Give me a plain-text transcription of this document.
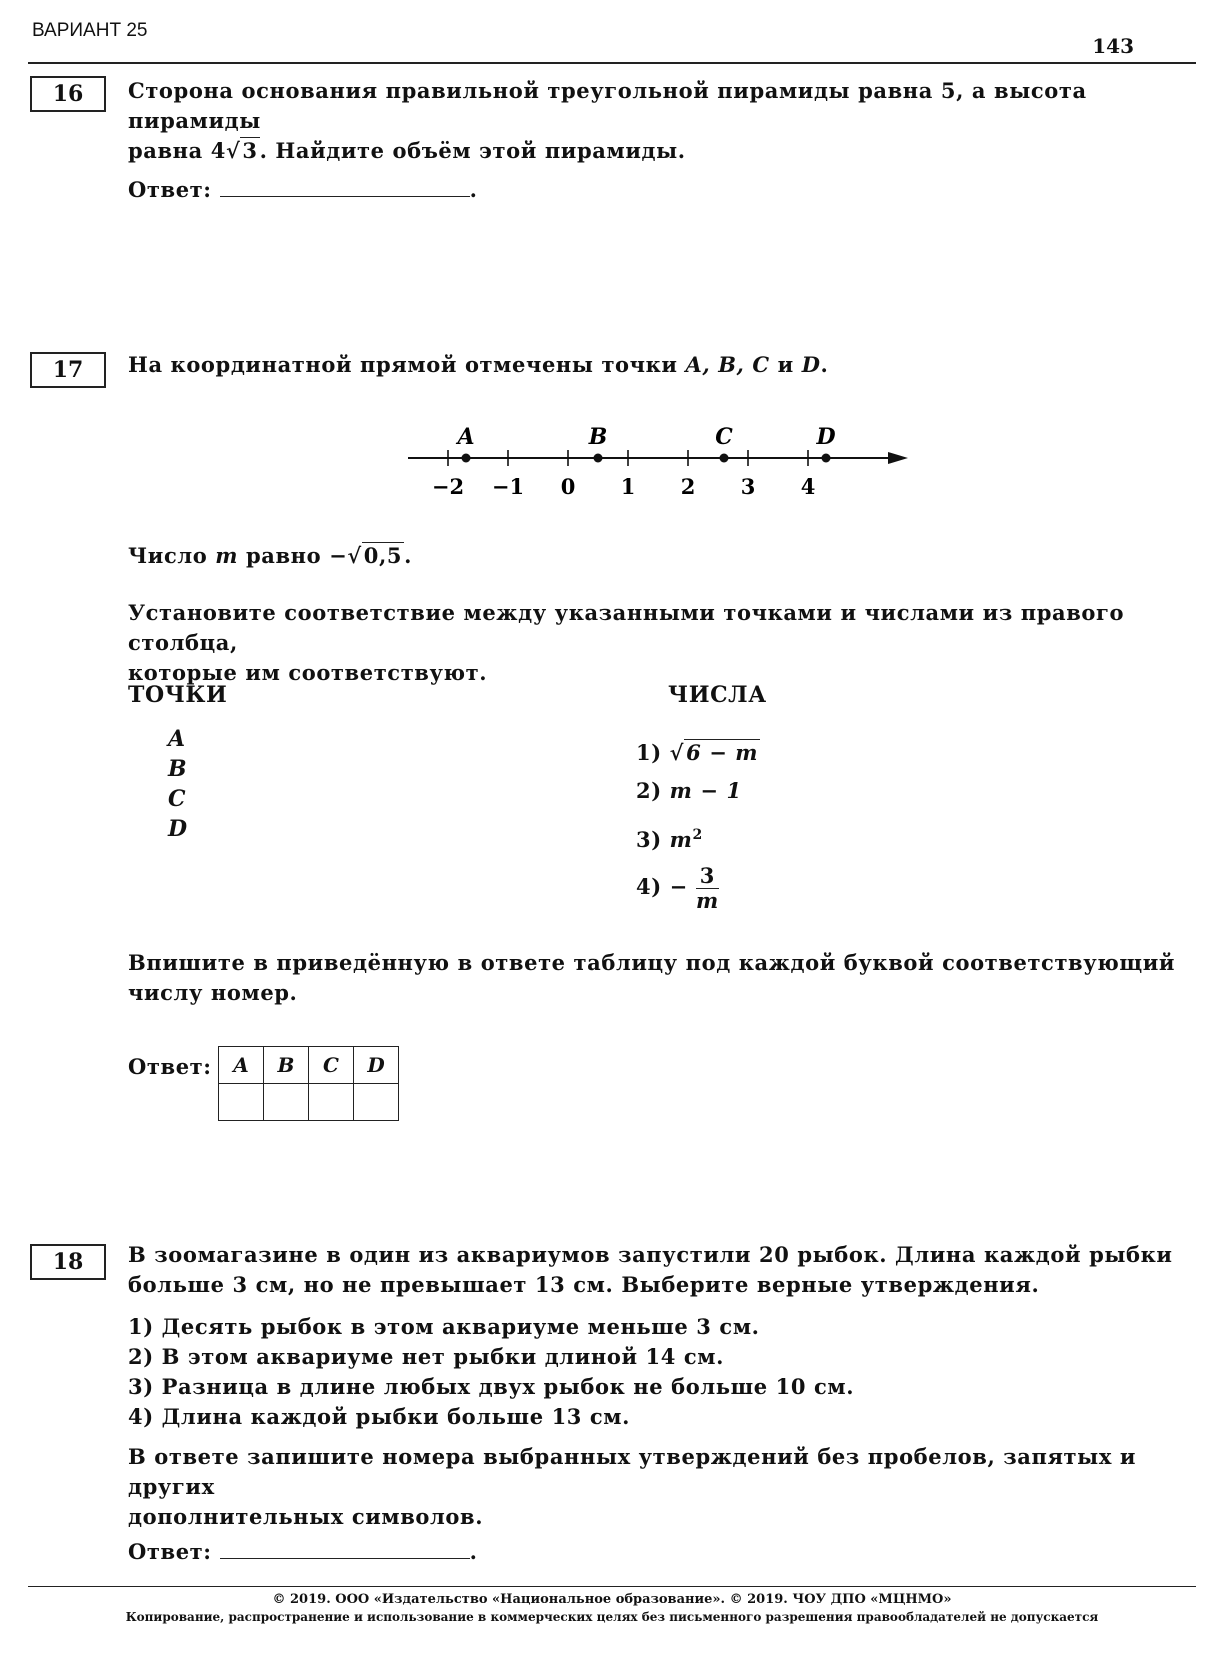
ВАРИАНТ 25
143
16	Сторона основания правильной треугольной пирамиды равна 5, а высота пирамиды
равна 4√3. Найдите объём этой пирамиды.
Ответ:	.
17	На координатной прямой отмечены точки A, B, C и D.
−2 −1 0 1 2 3 4
A	B	C	D
Число m равно −√0,5.
Установите соответствие между указанными точками и числами из правого столбца,
которые им соответствуют.
ТОЧКИ	ЧИСЛА
A
B
C
D
1) √6 − m
2) m − 1
3) $m^2$
$4) - \frac{3}{m}$
Впишите в приведённую в ответе таблицу под каждой буквой соответствующий
числу номер.
Ответ: A	B	C	D

18	В зоомагазине в один из аквариумов запустили 20 рыбок. Длина каждой рыбки
больше 3 см, но не превышает 13 см. Выберите верные утверждения.
1) Десять рыбок в этом аквариуме меньше 3 см.
2) В этом аквариуме нет рыбки длиной 14 см.
3) Разница в длине любых двух рыбок не больше 10 см.
4) Длина каждой рыбки больше 13 см.
В ответе запишите номера выбранных утверждений без пробелов, запятых и других
дополнительных символов.
Ответ:	.
© 2019. ООО «Издательство «Национальное образование». © 2019. ЧОУ ДПО «МЦНМО»
Копирование, распространение и использование в коммерческих целях без письменного разрешения правообладателей не допускается
